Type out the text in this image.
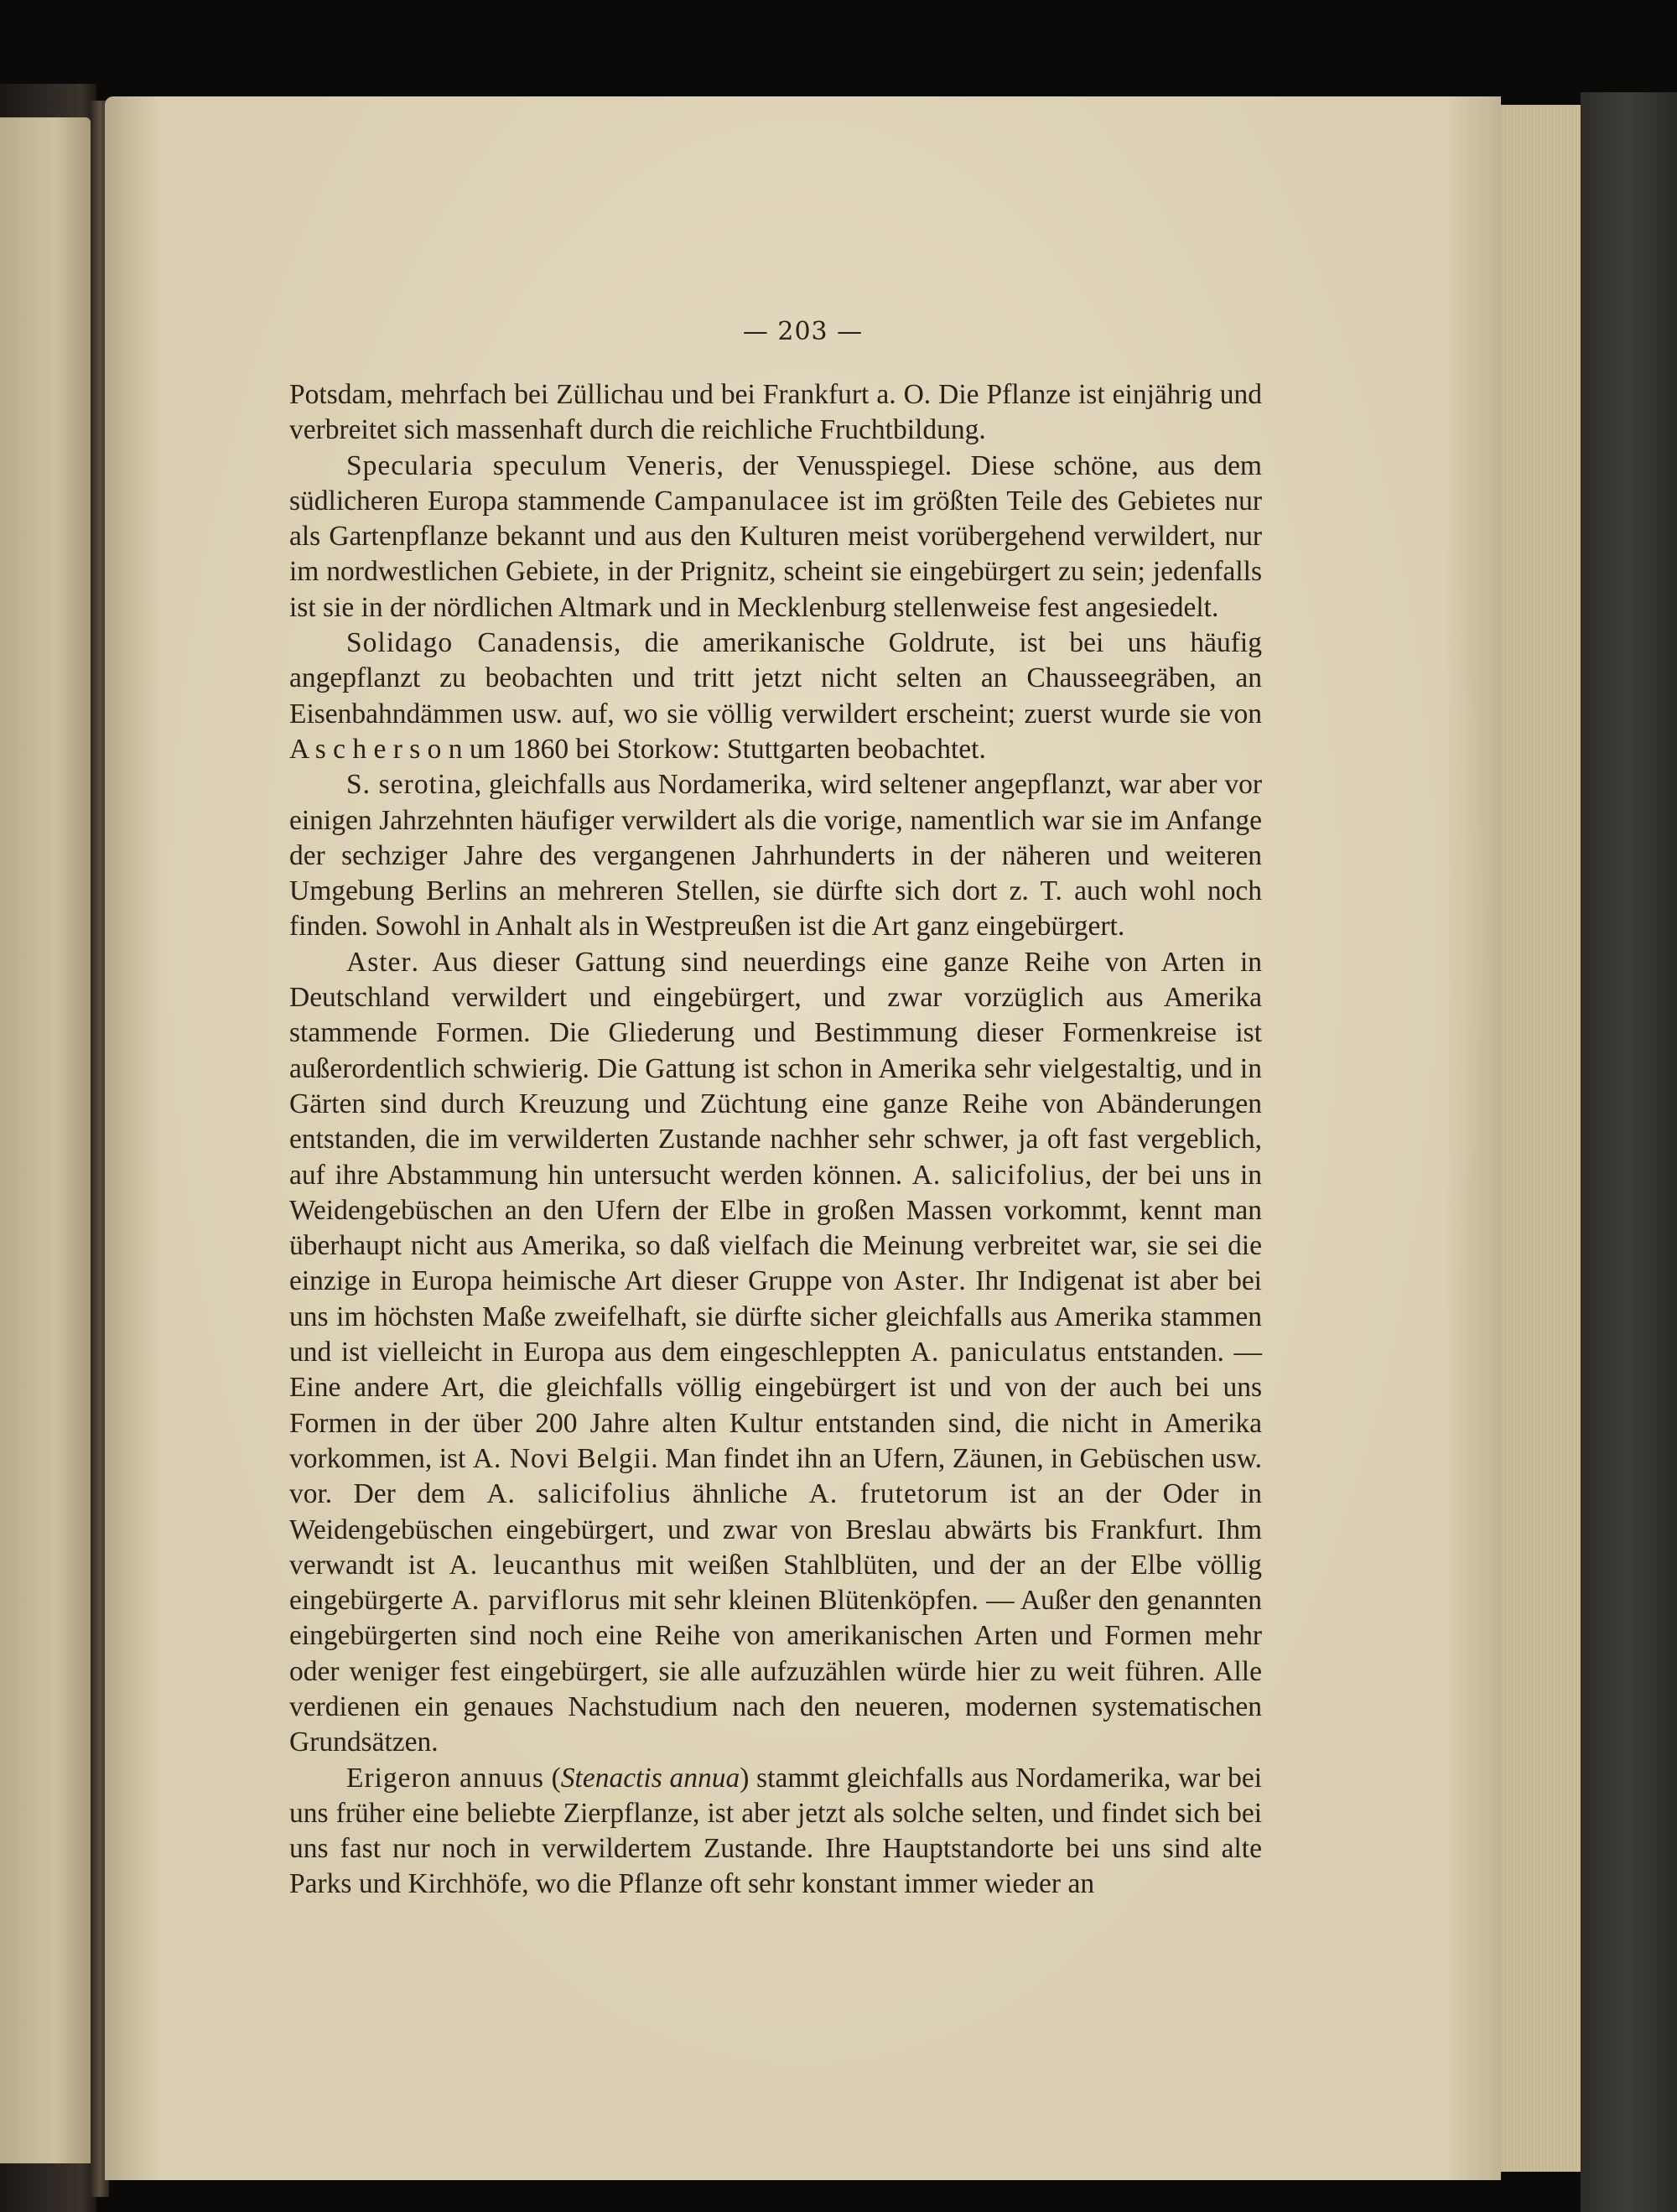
— 203 —

Potsdam, mehrfach bei Züllichau und bei Frankfurt a. O. Die Pflanze ist einjährig und verbreitet sich massenhaft durch die reichliche Fruchtbildung.

Specularia speculum Veneris, der Venusspiegel. Diese schöne, aus dem südlicheren Europa stammende Campanulacee ist im größten Teile des Gebietes nur als Gartenpflanze bekannt und aus den Kulturen meist vorübergehend verwildert, nur im nordwestlichen Gebiete, in der Prignitz, scheint sie eingebürgert zu sein; jedenfalls ist sie in der nördlichen Altmark und in Mecklenburg stellenweise fest angesiedelt.

Solidago Canadensis, die amerikanische Goldrute, ist bei uns häufig angepflanzt zu beobachten und tritt jetzt nicht selten an Chausseegräben, an Eisenbahndämmen usw. auf, wo sie völlig verwildert erscheint; zuerst wurde sie von A s c h e r s o n um 1860 bei Storkow: Stuttgarten beobachtet.

S. serotina, gleichfalls aus Nordamerika, wird seltener angepflanzt, war aber vor einigen Jahrzehnten häufiger verwildert als die vorige, namentlich war sie im Anfange der sechziger Jahre des vergangenen Jahrhunderts in der näheren und weiteren Umgebung Berlins an mehreren Stellen, sie dürfte sich dort z. T. auch wohl noch finden. Sowohl in Anhalt als in Westpreußen ist die Art ganz eingebürgert.

Aster. Aus dieser Gattung sind neuerdings eine ganze Reihe von Arten in Deutschland verwildert und eingebürgert, und zwar vorzüglich aus Amerika stammende Formen. Die Gliederung und Bestimmung dieser Formenkreise ist außerordentlich schwierig. Die Gattung ist schon in Amerika sehr vielgestaltig, und in Gärten sind durch Kreuzung und Züchtung eine ganze Reihe von Abänderungen entstanden, die im verwilderten Zustande nachher sehr schwer, ja oft fast vergeblich, auf ihre Abstammung hin untersucht werden können. A. salicifolius, der bei uns in Weidengebüschen an den Ufern der Elbe in großen Massen vorkommt, kennt man überhaupt nicht aus Amerika, so daß vielfach die Meinung verbreitet war, sie sei die einzige in Europa heimische Art dieser Gruppe von Aster. Ihr Indigenat ist aber bei uns im höchsten Maße zweifelhaft, sie dürfte sicher gleichfalls aus Amerika stammen und ist vielleicht in Europa aus dem eingeschleppten A. paniculatus entstanden. — Eine andere Art, die gleichfalls völlig eingebürgert ist und von der auch bei uns Formen in der über 200 Jahre alten Kultur entstanden sind, die nicht in Amerika vorkommen, ist A. Novi Belgii. Man findet ihn an Ufern, Zäunen, in Gebüschen usw. vor. Der dem A. salicifolius ähnliche A. frutetorum ist an der Oder in Weidengebüschen eingebürgert, und zwar von Breslau abwärts bis Frankfurt. Ihm verwandt ist A. leucanthus mit weißen Stahlblüten, und der an der Elbe völlig eingebürgerte A. parviflorus mit sehr kleinen Blütenköpfen. — Außer den genannten eingebürgerten sind noch eine Reihe von amerikanischen Arten und Formen mehr oder weniger fest eingebürgert, sie alle aufzuzählen würde hier zu weit führen. Alle verdienen ein genaues Nachstudium nach den neueren, modernen systematischen Grundsätzen.

Erigeron annuus (Stenactis annua) stammt gleichfalls aus Nordamerika, war bei uns früher eine beliebte Zierpflanze, ist aber jetzt als solche selten, und findet sich bei uns fast nur noch in verwildertem Zustande. Ihre Hauptstandorte bei uns sind alte Parks und Kirchhöfe, wo die Pflanze oft sehr konstant immer wieder an
